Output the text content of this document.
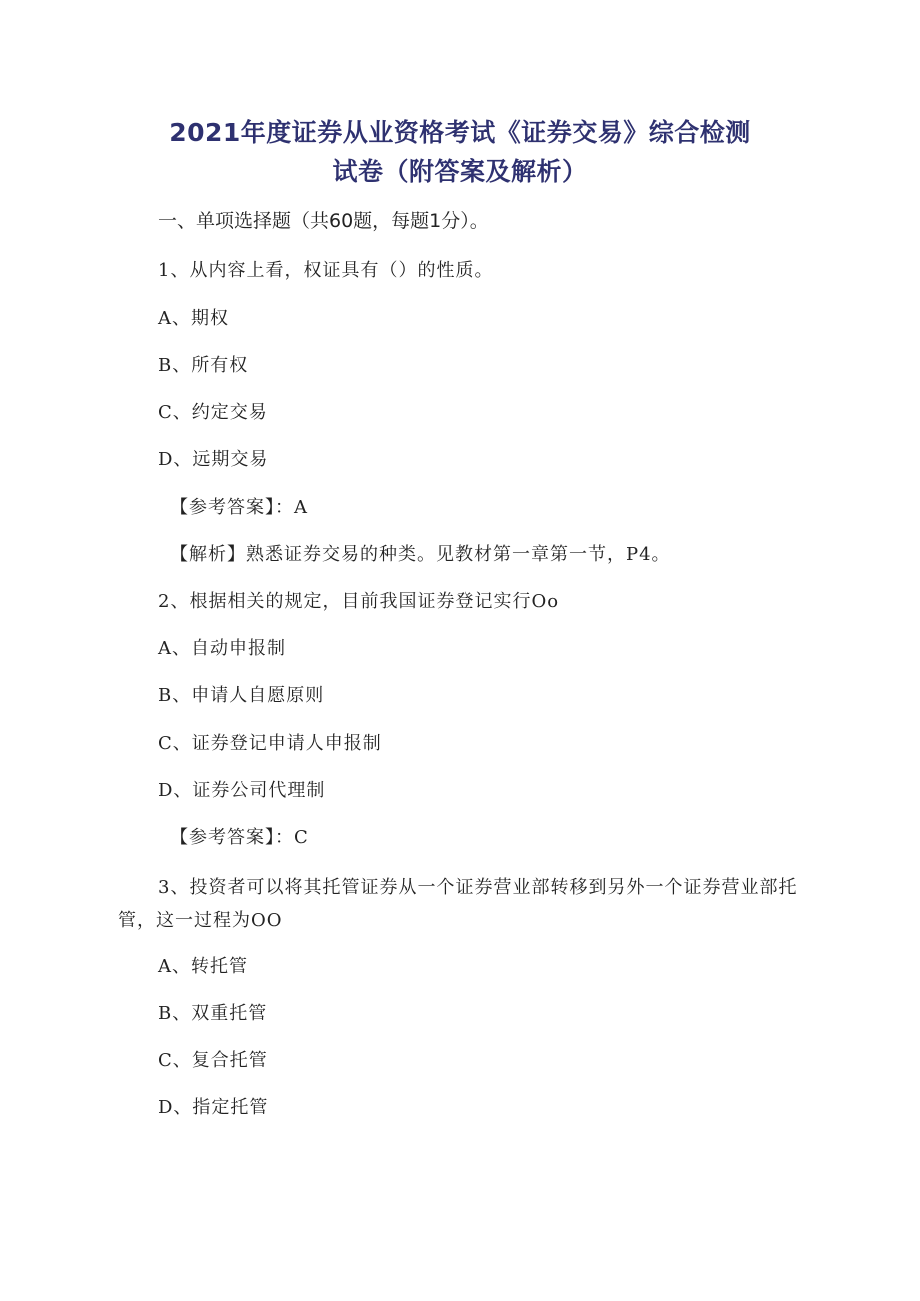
2021年度证券从业资格考试《证券交易》综合检测
试卷（附答案及解析）
一、单项选择题（共60题，每题1分）。
1、从内容上看，权证具有（）的性质。
A、期权
B、所有权
C、约定交易
D、远期交易
【参考答案】：A
【解析】熟悉证券交易的种类。见教材第一章第一节，P4。
2、根据相关的规定，目前我国证券登记实行Oo
A、自动申报制
B、申请人自愿原则
C、证券登记申请人申报制
D、证券公司代理制
【参考答案】：C
3、投资者可以将其托管证券从一个证券营业部转移到另外一个证券营业部托管，这一过程为OO
A、转托管
B、双重托管
C、复合托管
D、指定托管
